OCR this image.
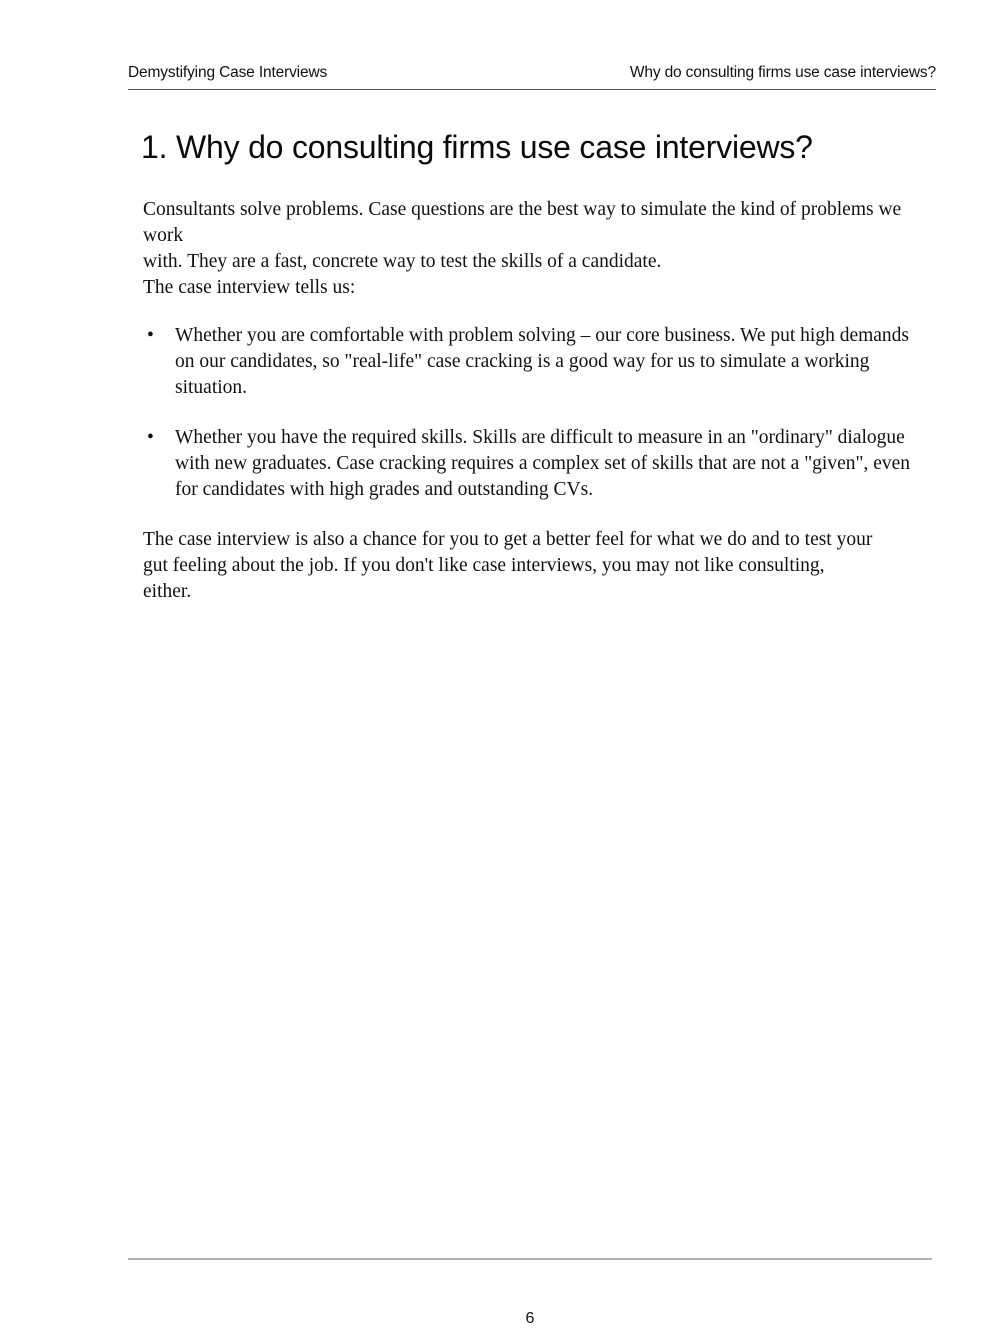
Demystifying Case Interviews	Why do consulting firms use case interviews?
1. Why do consulting firms use case interviews?

Consultants solve problems. Case questions are the best way to simulate the kind of problems we work

with. They are a fast, concrete way to test the skills of a candidate.

The case interview tells us:

• Whether you are comfortable with problem solving – our core business. We put high demands on our candidates, so "real-life" case cracking is a good way for us to simulate a working situation.
• Whether you have the required skills. Skills are difficult to measure in an "ordinary" dialogue with new graduates. Case cracking requires a complex set of skills that are not a "given", even for candidates with high grades and outstanding CVs.

The case interview is also a chance for you to get a better feel for what we do and to test your gut feeling about the job. If you don't like case interviews, you may not like consulting, either.

6
